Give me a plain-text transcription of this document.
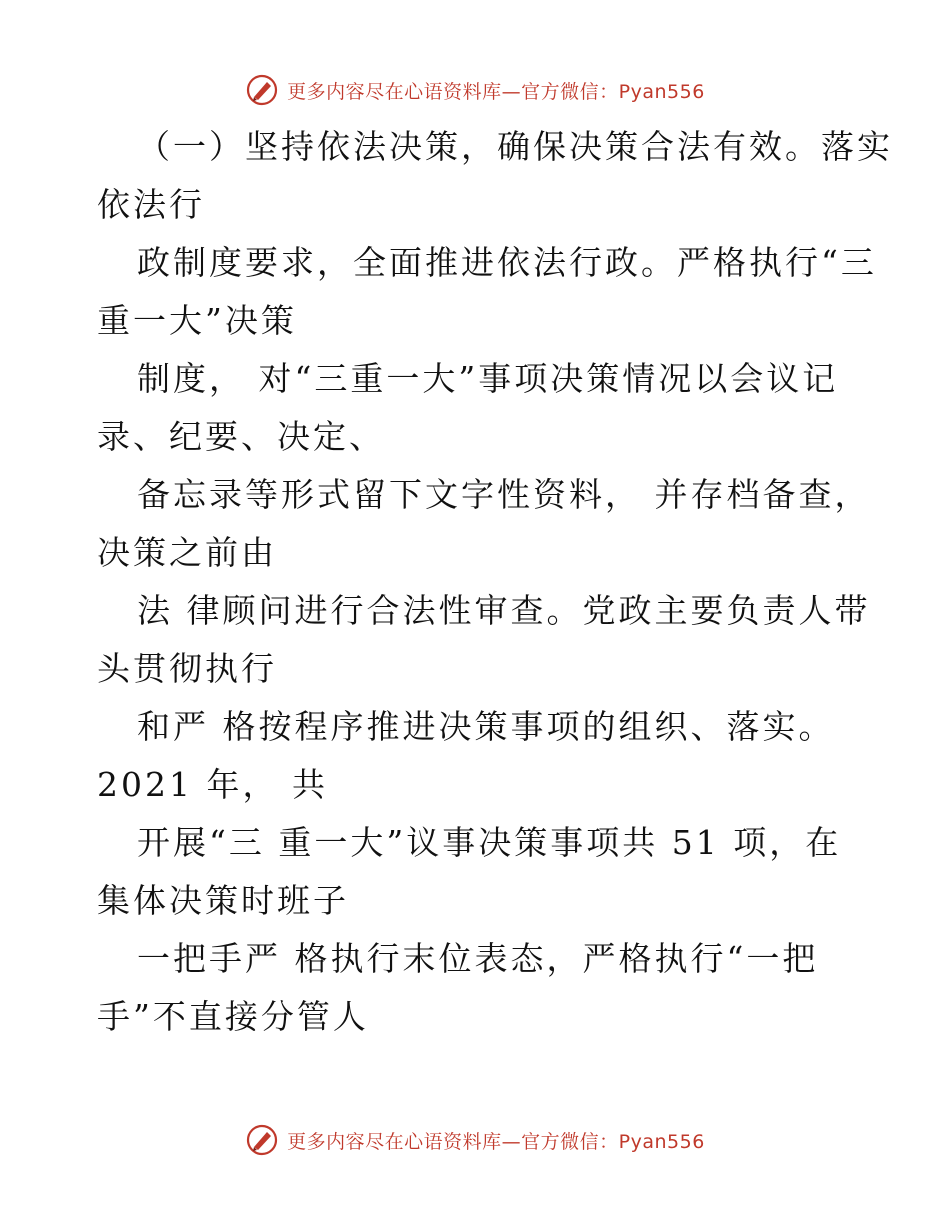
更多内容尽在心语资料库—官方微信：Pyan556
（一）坚持依法决策，确保决策合法有效。落实
依法行
政制度要求，全面推进依法行政。严格执行“三
重一大”决策
制度， 对“三重一大”事项决策情况以会议记
录、纪要、决定、
备忘录等形式留下文字性资料， 并存档备查，
决策之前由
法 律顾问进行合法性审查。党政主要负责人带
头贯彻执行
和严 格按程序推进决策事项的组织、落实。
2021 年， 共
开展“三 重一大”议事决策事项共 51 项，在
集体决策时班子
一把手严 格执行末位表态，严格执行“一把
手”不直接分管人
更多内容尽在心语资料库—官方微信：Pyan556
